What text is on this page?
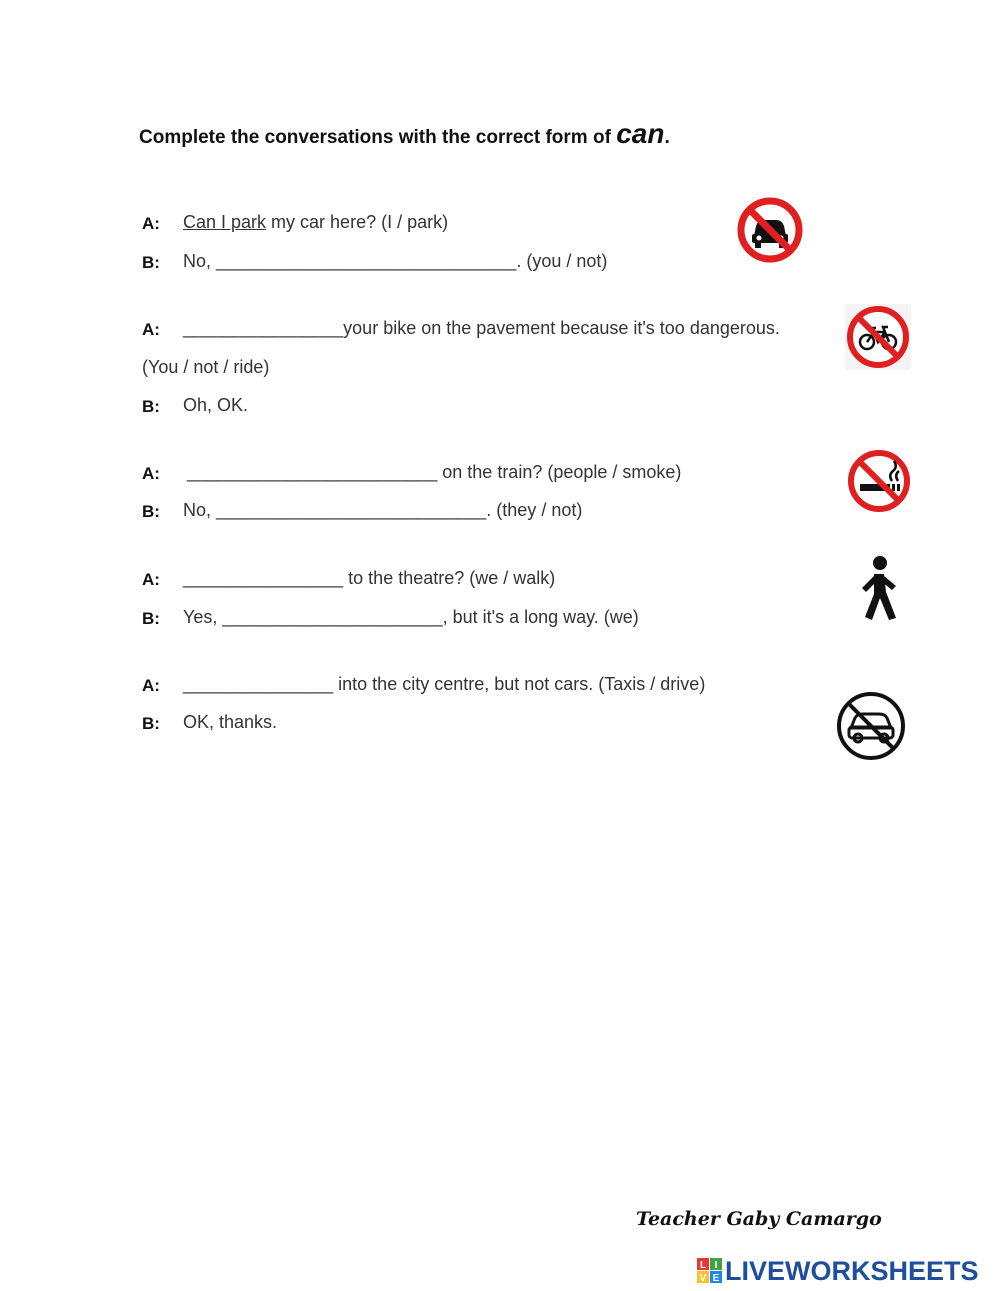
Complete the conversations with the correct form of can.
A: Can I park my car here? (I / park)
B: No, ______________________________. (you / not)
A: ________________your bike on the pavement because it's too dangerous.
(You / not / ride)
B: Oh, OK.
A: _________________________ on the train? (people / smoke)
B: No, ___________________________. (they / not)
A: ________________ to the theatre? (we / walk)
B: Yes, ______________________, but it's a long way. (we)
A: _______________ into the city centre, but not cars. (Taxis / drive)
B: OK, thanks.
Teacher Gaby Camargo
L I
V E LIVEWORKSHEETS
